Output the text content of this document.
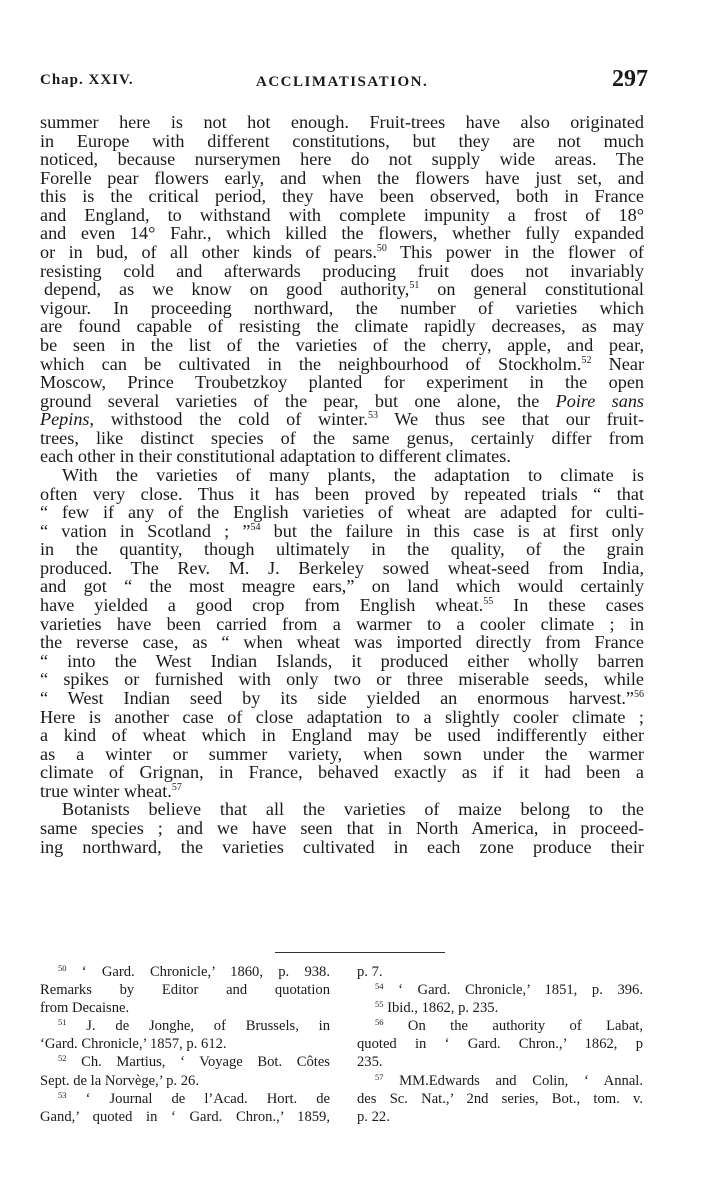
Chap. XXIV.	ACCLIMATISATION.	297
summer here is not hot enough. Fruit-trees have also originated
in Europe with different constitutions, but they are not much
noticed, because nurserymen here do not supply wide areas. The
Forelle pear flowers early, and when the flowers have just set, and
this is the critical period, they have been observed, both in France
and England, to withstand with complete impunity a frost of 18°
and even 14° Fahr., which killed the flowers, whether fully expanded
or in bud, of all other kinds of pears.$^{50}$ This power in the flower of
resisting cold and afterwards producing fruit does not invariably
depend, as we know on good authority,$^{51}$ on general constitutional
vigour. In proceeding northward, the number of varieties which
are found capable of resisting the climate rapidly decreases, as may
be seen in the list of the varieties of the cherry, apple, and pear,
which can be cultivated in the neighbourhood of Stockholm.$^{52}$ Near
Moscow, Prince Troubetzkoy planted for experiment in the open
ground several varieties of the pear, but one alone, the Poire sans
Pepins, withstood the cold of winter.$^{53}$ We thus see that our fruit-
trees, like distinct species of the same genus, certainly differ from
each other in their constitutional adaptation to different climates.
With the varieties of many plants, the adaptation to climate is
often very close. Thus it has been proved by repeated trials “ that
“ few if any of the English varieties of wheat are adapted for culti-
“ vation in Scotland ; ”$^{54}$ but the failure in this case is at first only
in the quantity, though ultimately in the quality, of the grain
produced. The Rev. M. J. Berkeley sowed wheat-seed from India,
and got “ the most meagre ears,” on land which would certainly
have yielded a good crop from English wheat.$^{55}$ In these cases
varieties have been carried from a warmer to a cooler climate ; in
the reverse case, as “ when wheat was imported directly from France
“ into the West Indian Islands, it produced either wholly barren
“ spikes or furnished with only two or three miserable seeds, while
“ West Indian seed by its side yielded an enormous harvest.”$^{56}$
Here is another case of close adaptation to a slightly cooler climate ;
a kind of wheat which in England may be used indifferently either
as a winter or summer variety, when sown under the warmer
climate of Grignan, in France, behaved exactly as if it had been a
true winter wheat.$^{57}$
Botanists believe that all the varieties of maize belong to the
same species ; and we have seen that in North America, in proceed-
ing northward, the varieties cultivated in each zone produce their
$^{50}$ ‘ Gard. Chronicle,’ 1860, p. 938.
Remarks by Editor and quotation
from Decaisne.
$^{51}$ J. de Jonghe, of Brussels, in
‘Gard. Chronicle,’ 1857, p. 612.
$^{52}$ Ch. Martius, ‘ Voyage Bot. Côtes
Sept. de la Norvège,’ p. 26.
$^{53}$ ‘ Journal de l’Acad. Hort. de
Gand,’ quoted in ‘ Gard. Chron.,’ 1859,
p. 7.
$^{54}$ ‘ Gard. Chronicle,’ 1851, p. 396.
$^{55}$ Ibid., 1862, p. 235.
$^{56}$ On the authority of Labat,
quoted in ‘ Gard. Chron.,’ 1862, p
235.
$^{57}$ MM.Edwards and Colin, ‘ Annal.
des Sc. Nat.,’ 2nd series, Bot., tom. v.
p. 22.
